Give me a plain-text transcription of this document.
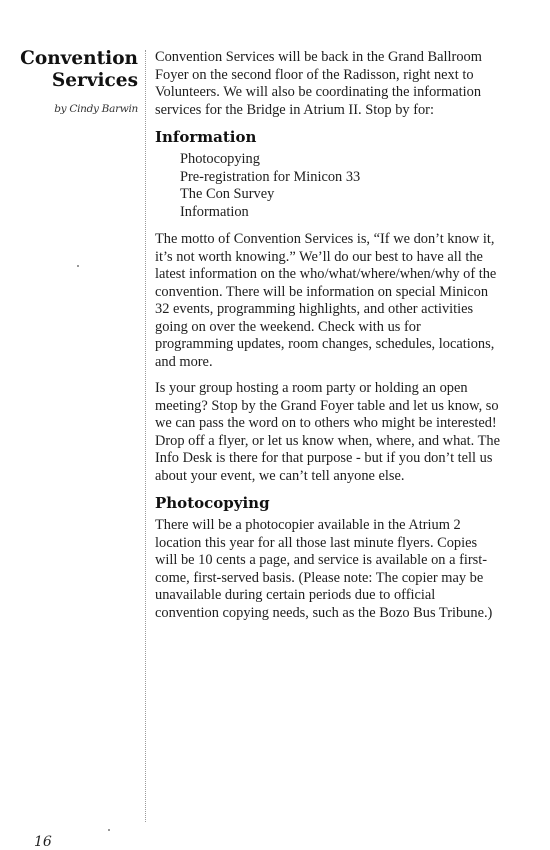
Convention
Services
by Cindy Barwin

Convention Services will be back in the Grand Ballroom Foyer on the second floor of the Radisson, right next to Volunteers. We will also be coordinating the information services for the Bridge in Atrium II. Stop by for:

Information
Photocopying
Pre-registration for Minicon 33
The Con Survey
Information

The motto of Convention Services is, “If we don’t know it, it’s not worth knowing.” We’ll do our best to have all the latest information on the who/what/where/when/why of the convention. There will be information on special Minicon 32 events, programming highlights, and other activities going on over the weekend. Check with us for programming updates, room changes, schedules, locations, and more.

Is your group hosting a room party or holding an open meeting? Stop by the Grand Foyer table and let us know, so we can pass the word on to others who might be interested! Drop off a flyer, or let us know when, where, and what. The Info Desk is there for that purpose - but if you don’t tell us about your event, we can’t tell anyone else.

Photocopying

There will be a photocopier available in the Atrium 2 location this year for all those last minute flyers. Copies will be 10 cents a page, and service is available on a first-come, first-served basis. (Please note: The copier may be unavailable during certain periods due to official convention copying needs, such as the Bozo Bus Tribune.)

16
